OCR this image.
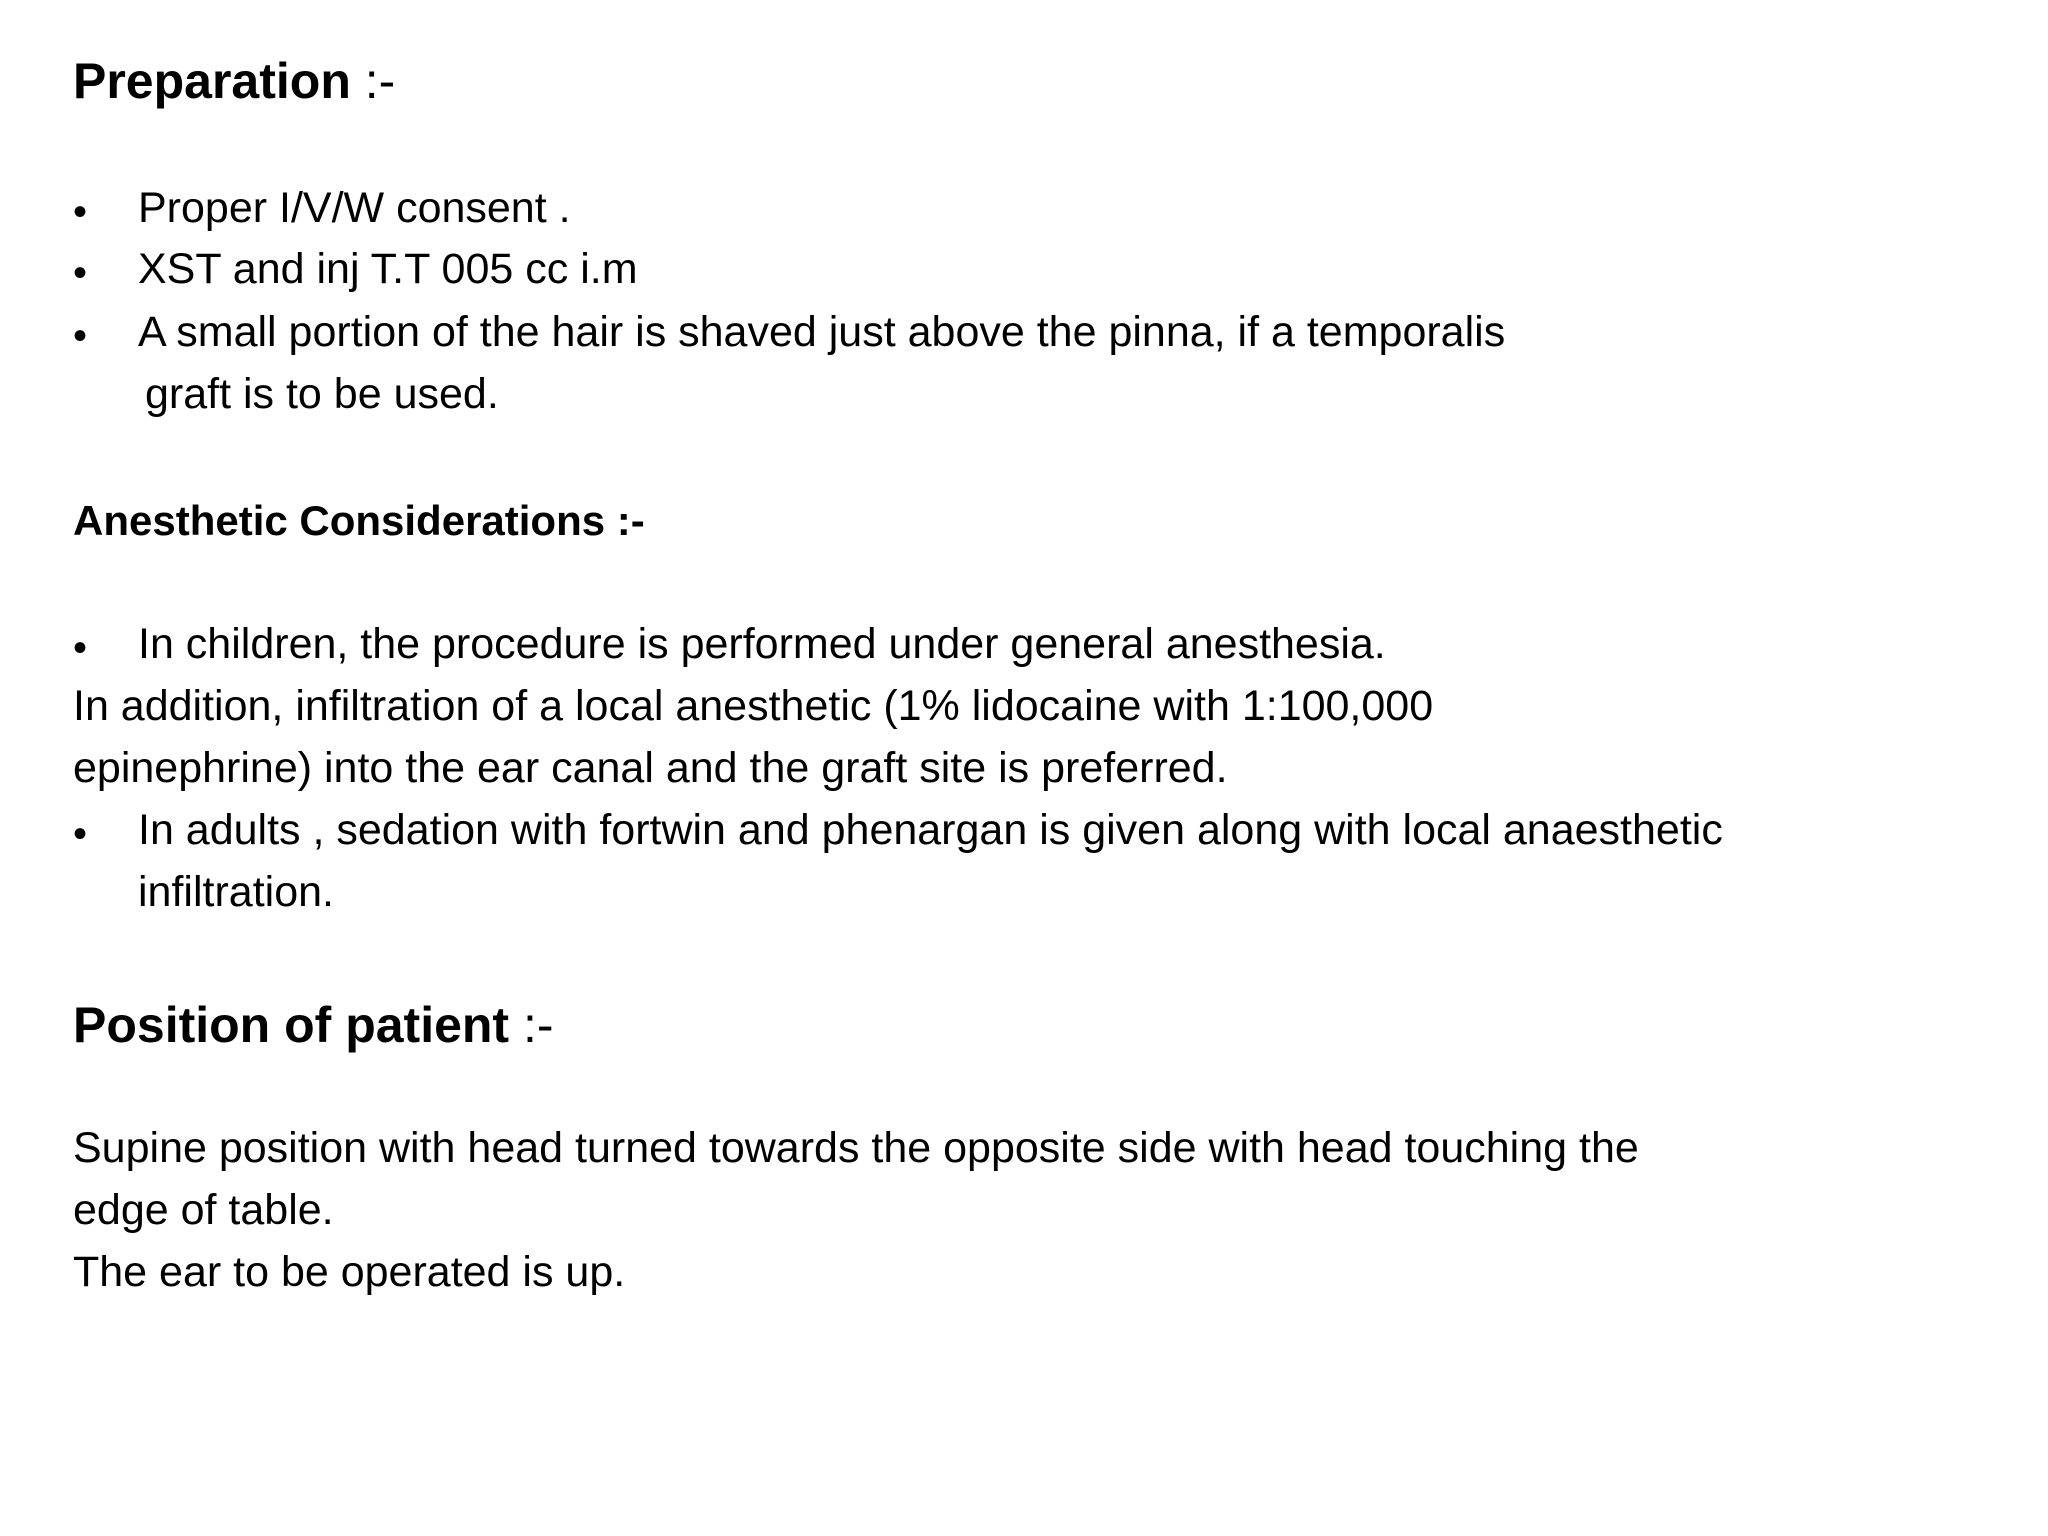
Preparation :-
• Proper I/V/W consent .
• XST and inj T.T 005 cc i.m
• A small portion of the hair is shaved just above the pinna, if a temporalis
graft is to be used.
Anesthetic Considerations :-
• In children, the procedure is performed under general anesthesia.
In addition, infiltration of a local anesthetic (1% lidocaine with 1:100,000
epinephrine) into the ear canal and the graft site is preferred.
• In adults , sedation with fortwin and phenargan is given along with local anaesthetic
infiltration.
Position of patient :-
Supine position with head turned towards the opposite side with head touching the
edge of table.
The ear to be operated is up.
